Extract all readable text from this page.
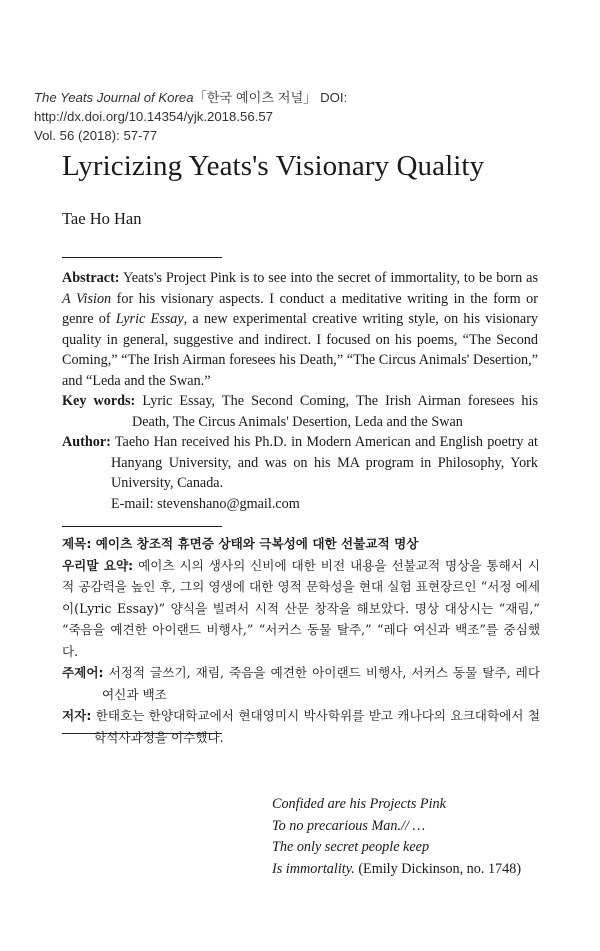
The Yeats Journal of Korea「한국 예이츠 저널」 DOI: http://dx.doi.org/10.14354/yjk.2018.56.57
Vol. 56 (2018): 57-77
Lyricizing Yeats's Visionary Quality
Tae Ho Han

Abstract: Yeats's Project Pink is to see into the secret of immortality, to be born as A Vision for his visionary aspects. I conduct a meditative writing in the form or genre of Lyric Essay, a new experimental creative writing style, on his visionary quality in general, suggestive and indirect. I focused on his poems, “The Second Coming,” “The Irish Airman foresees his Death,” “The Circus Animals' Desertion,” and “Leda and the Swan.”

Key words: Lyric Essay, The Second Coming, The Irish Airman foresees his Death, The Circus Animals' Desertion, Leda and the Swan

Author: Taeho Han received his Ph.D. in Modern American and English poetry at Hanyang University, and was on his MA program in Philosophy, York University, Canada.

E-mail: stevenshano@gmail.com

제목: 예이츠 창조적 휴면증 상태와 극복성에 대한 선불교적 명상

우리말 요약: 예이츠 시의 생사의 신비에 대한 비전 내용을 선불교적 명상을 통해서 시적 공감력을 높인 후, 그의 영생에 대한 영적 문학성을 현대 실험 표현장르인 “서정 에세이(Lyric Essay)” 양식을 빌려서 시적 산문 창작을 해보았다. 명상 대상시는 “재림,” “죽음을 예견한 아이랜드 비행사,” “서커스 동물 탈주,” “레다 여신과 백조”를 중심했다.

주제어: 서정적 글쓰기, 재림, 죽음을 예견한 아이랜드 비행사, 서커스 동물 탈주, 레다 여신과 백조

저자: 한태호는 한양대학교에서 현대영미시 박사학위를 받고 캐나다의 요크대학에서 철학석사과정을 이수했다.

Confided are his Projects Pink

To no precarious Man.// …

The only secret people keep

Is immortality. (Emily Dickinson, no. 1748)
